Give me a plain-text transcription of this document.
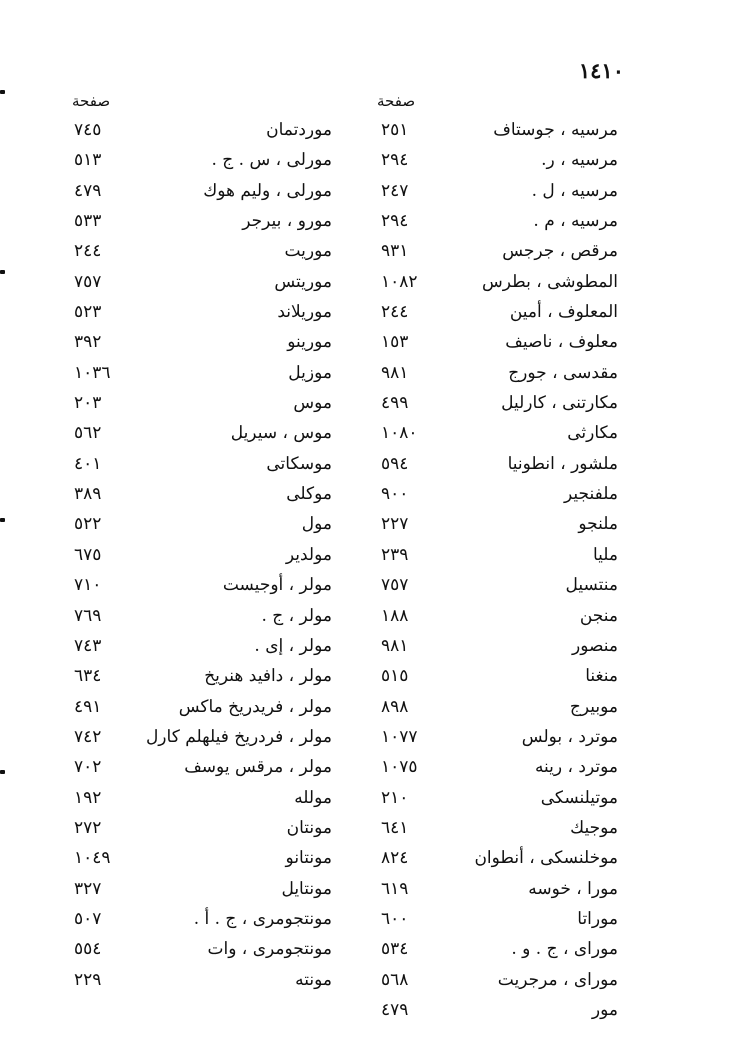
١٤١٠
صفحة
صفحة
مرسيه ، جوستاف
٢٥١
موردتمان
٧٤٥
مرسيه ، ر.
٢٩٤
مورلى ، س . ج .
٥١٣
مرسيه ، ل .
٢٤٧
مورلى ، وليم هوك
٤٧٩
مرسيه ، م .
٢٩٤
مورو ، بيرجر
٥٣٣
مرقص ، جرجس
٩٣١
موريت
٢٤٤
المطوشى ، بطرس
١٠٨٢
موريتس
٧٥٧
المعلوف ، أمين
٢٤٤
موريلاند
٥٢٣
معلوف ، ناصيف
١٥٣
مورينو
٣٩٢
مقدسى ، جورج
٩٨١
موزيل
١٠٣٦
مكارتنى ، كارليل
٤٩٩
موس
٢٠٣
مكارثى
١٠٨٠
موس ، سيريل
٥٦٢
ملشور ، انطونيا
٥٩٤
موسكاتى
٤٠١
ملفنجير
٩٠٠
موكلى
٣٨٩
ملنجو
٢٢٧
مول
٥٢٢
مليا
٢٣٩
مولدير
٦٧٥
منتسيل
٧٥٧
مولر ، أوجيست
٧١٠
منجن
١٨٨
مولر ، ج .
٧٦٩
منصور
٩٨١
مولر ، إى .
٧٤٣
منغنا
٥١٥
مولر ، دافيد هنريخ
٦٣٤
موبيرج
٨٩٨
مولر ، فريدريخ ماكس
٤٩١
موترد ، بولس
١٠٧٧
مولر ، فردريخ فيلهلم كارل
٧٤٢
موترد ، رينه
١٠٧٥
مولر ، مرقس يوسف
٧٠٢
موتيلنسكى
٢١٠
مولله
١٩٢
موجيك
٦٤١
مونتان
٢٧٢
موخلنسكى ، أنطوان
٨٢٤
مونتانو
١٠٤٩
مورا ، خوسه
٦١٩
مونتايل
٣٢٧
موراتا
٦٠٠
مونتجومرى ، ج . أ .
٥٠٧
موراى ، ج . و .
٥٣٤
مونتجومرى ، وات
٥٥٤
موراى ، مرجريت
٥٦٨
مونته
٢٢٩
مور
٤٧٩
